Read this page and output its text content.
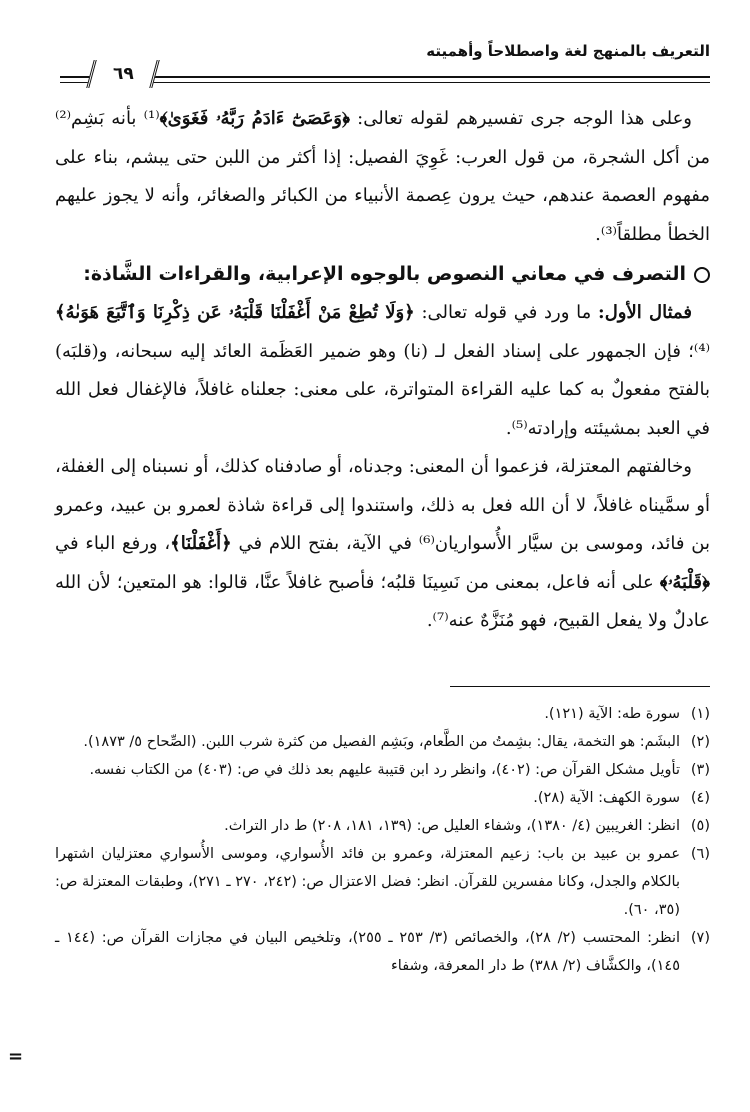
التعريف بالمنهج لغة واصطلاحاً وأهميته
٦٩

وعلى هذا الوجه جرى تفسيرهم لقوله تعالى: ﴿وَعَصَىٰٓ ءَادَمُ رَبَّهُۥ فَغَوَىٰ﴾⁽¹⁾ بأنه بَشِم⁽²⁾ من أكل الشجرة، من قول العرب: غَوِيَ الفصيل: إذا أكثر من اللبن حتى يبشم، بناء على مفهوم العصمة عندهم، حيث يرون عِصمة الأنبياء من الكبائر والصغائر، وأنه لا يجوز عليهم الخطأ مطلقاً⁽³⁾.

التصرف في معاني النصوص بالوجوه الإعرابية، والقراءات الشَّاذة:

فمثال الأول: ما ورد في قوله تعالى: ﴿وَلَا تُطِعْ مَنْ أَغْفَلْنَا قَلْبَهُۥ عَن ذِكْرِنَا وَٱتَّبَعَ هَوَىٰهُ﴾⁽⁴⁾؛ فإن الجمهور على إسناد الفعل لـ (نا) وهو ضمير العَظَمة العائد إليه سبحانه، و(قلبَه) بالفتح مفعولٌ به كما عليه القراءة المتواترة، على معنى: جعلناه غافلاً، فالإغفال فعل الله في العبد بمشيئته وإرادته⁽⁵⁾.

وخالفتهم المعتزلة، فزعموا أن المعنى: وجدناه، أو صادفناه كذلك، أو نسبناه إلى الغفلة، أو سمَّيناه غافلاً، لا أن الله فعل به ذلك، واستندوا إلى قراءة شاذة لعمرو بن عبيد، وعمرو بن فائد، وموسى بن سيَّار الأُسواريان⁽⁶⁾ في الآية، بفتح اللام في ﴿أَغْفَلْنَا﴾، ورفع الباء في ﴿قَلْبَهُۥ﴾ على أنه فاعل، بمعنى من نَسِينَا قلبُه؛ فأصبح غافلاً عنَّا، قالوا: هو المتعين؛ لأن الله عادلٌ ولا يفعل القبيح، فهو مُنَزَّهٌ عنه⁽⁷⁾.

(١)
سورة طه: الآية (١٢١).
(٢)
البشَم: هو التخمة، يقال: بشِمتُ من الطَّعام، وبَشِم الفصيل من كثرة شرب اللبن. (الصِّحاح ٥/ ١٨٧٣).
(٣)
تأويل مشكل القرآن ص: (٤٠٢)، وانظر رد ابن قتيبة عليهم بعد ذلك في ص: (٤٠٣) من الكتاب نفسه.
(٤)
سورة الكهف: الآية (٢٨).
(٥)
انظر: الغريبين (٤/ ١٣٨٠)، وشفاء العليل ص: (١٣٩، ١٨١، ٢٠٨) ط دار التراث.
(٦)
عمرو بن عبيد بن باب: زعيم المعتزلة، وعمرو بن فائد الأُسواري، وموسى الأُسواري معتزليان اشتهرا بالكلام والجدل، وكانا مفسرين للقرآن. انظر: فضل الاعتزال ص: (٢٤٢، ٢٧٠ ـ ٢٧١)، وطبقات المعتزلة ص: (٣٥، ٦٠).
(٧)
انظر: المحتسب (٢/ ٢٨)، والخصائص (٣/ ٢٥٣ ـ ٢٥٥)، وتلخيص البيان في مجازات القرآن ص: (١٤٤ ـ ١٤٥)، والكشَّاف (٢/ ٣٨٨) ط دار المعرفة، وشفاء
=
